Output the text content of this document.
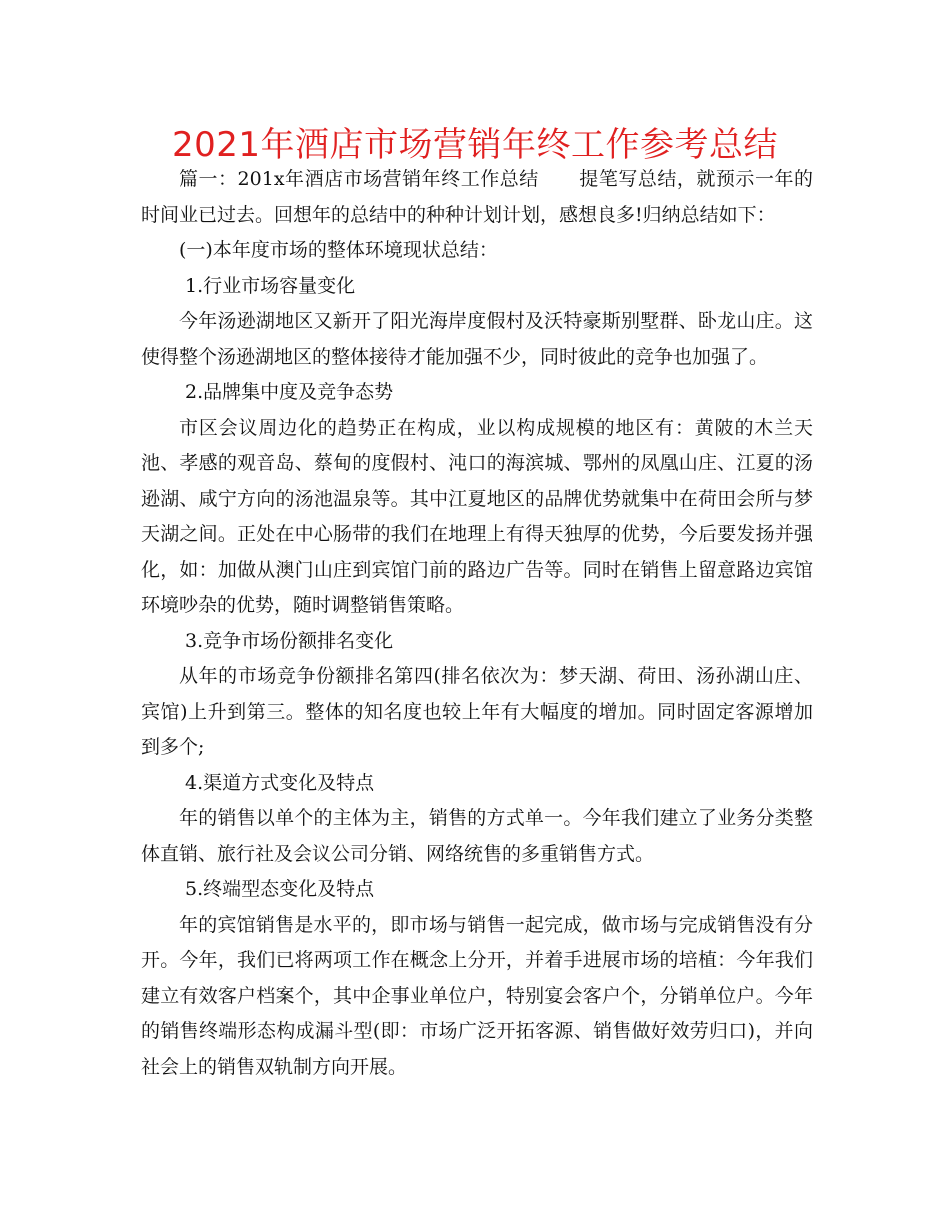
2021年酒店市场营销年终工作参考总结

篇一：201x年酒店市场营销年终工作总结 提笔写总结，就预示一年的时间业已过去。回想年的总结中的种种计划计划，感想良多!归纳总结如下：

(一)本年度市场的整体环境现状总结：

1.行业市场容量变化

今年汤逊湖地区又新开了阳光海岸度假村及沃特豪斯别墅群、卧龙山庄。这使得整个汤逊湖地区的整体接待才能加强不少，同时彼此的竞争也加强了。

2.品牌集中度及竞争态势

市区会议周边化的趋势正在构成，业以构成规模的地区有：黄陂的木兰天池、孝感的观音岛、蔡甸的度假村、沌口的海滨城、鄂州的凤凰山庄、江夏的汤逊湖、咸宁方向的汤池温泉等。其中江夏地区的品牌优势就集中在荷田会所与梦天湖之间。正处在中心肠带的我们在地理上有得天独厚的优势，今后要发扬并强化，如：加做从澳门山庄到宾馆门前的路边广告等。同时在销售上留意路边宾馆环境吵杂的优势，随时调整销售策略。

3.竞争市场份额排名变化

从年的市场竞争份额排名第四(排名依次为：梦天湖、荷田、汤孙湖山庄、宾馆)上升到第三。整体的知名度也较上年有大幅度的增加。同时固定客源增加到多个;

4.渠道方式变化及特点

年的销售以单个的主体为主，销售的方式单一。今年我们建立了业务分类整体直销、旅行社及会议公司分销、网络统售的多重销售方式。

5.终端型态变化及特点

年的宾馆销售是水平的，即市场与销售一起完成，做市场与完成销售没有分开。今年，我们已将两项工作在概念上分开，并着手进展市场的培植：今年我们建立有效客户档案个，其中企事业单位户，特别宴会客户个，分销单位户。今年的销售终端形态构成漏斗型(即：市场广泛开拓客源、销售做好效劳归口)，并向社会上的销售双轨制方向开展。
